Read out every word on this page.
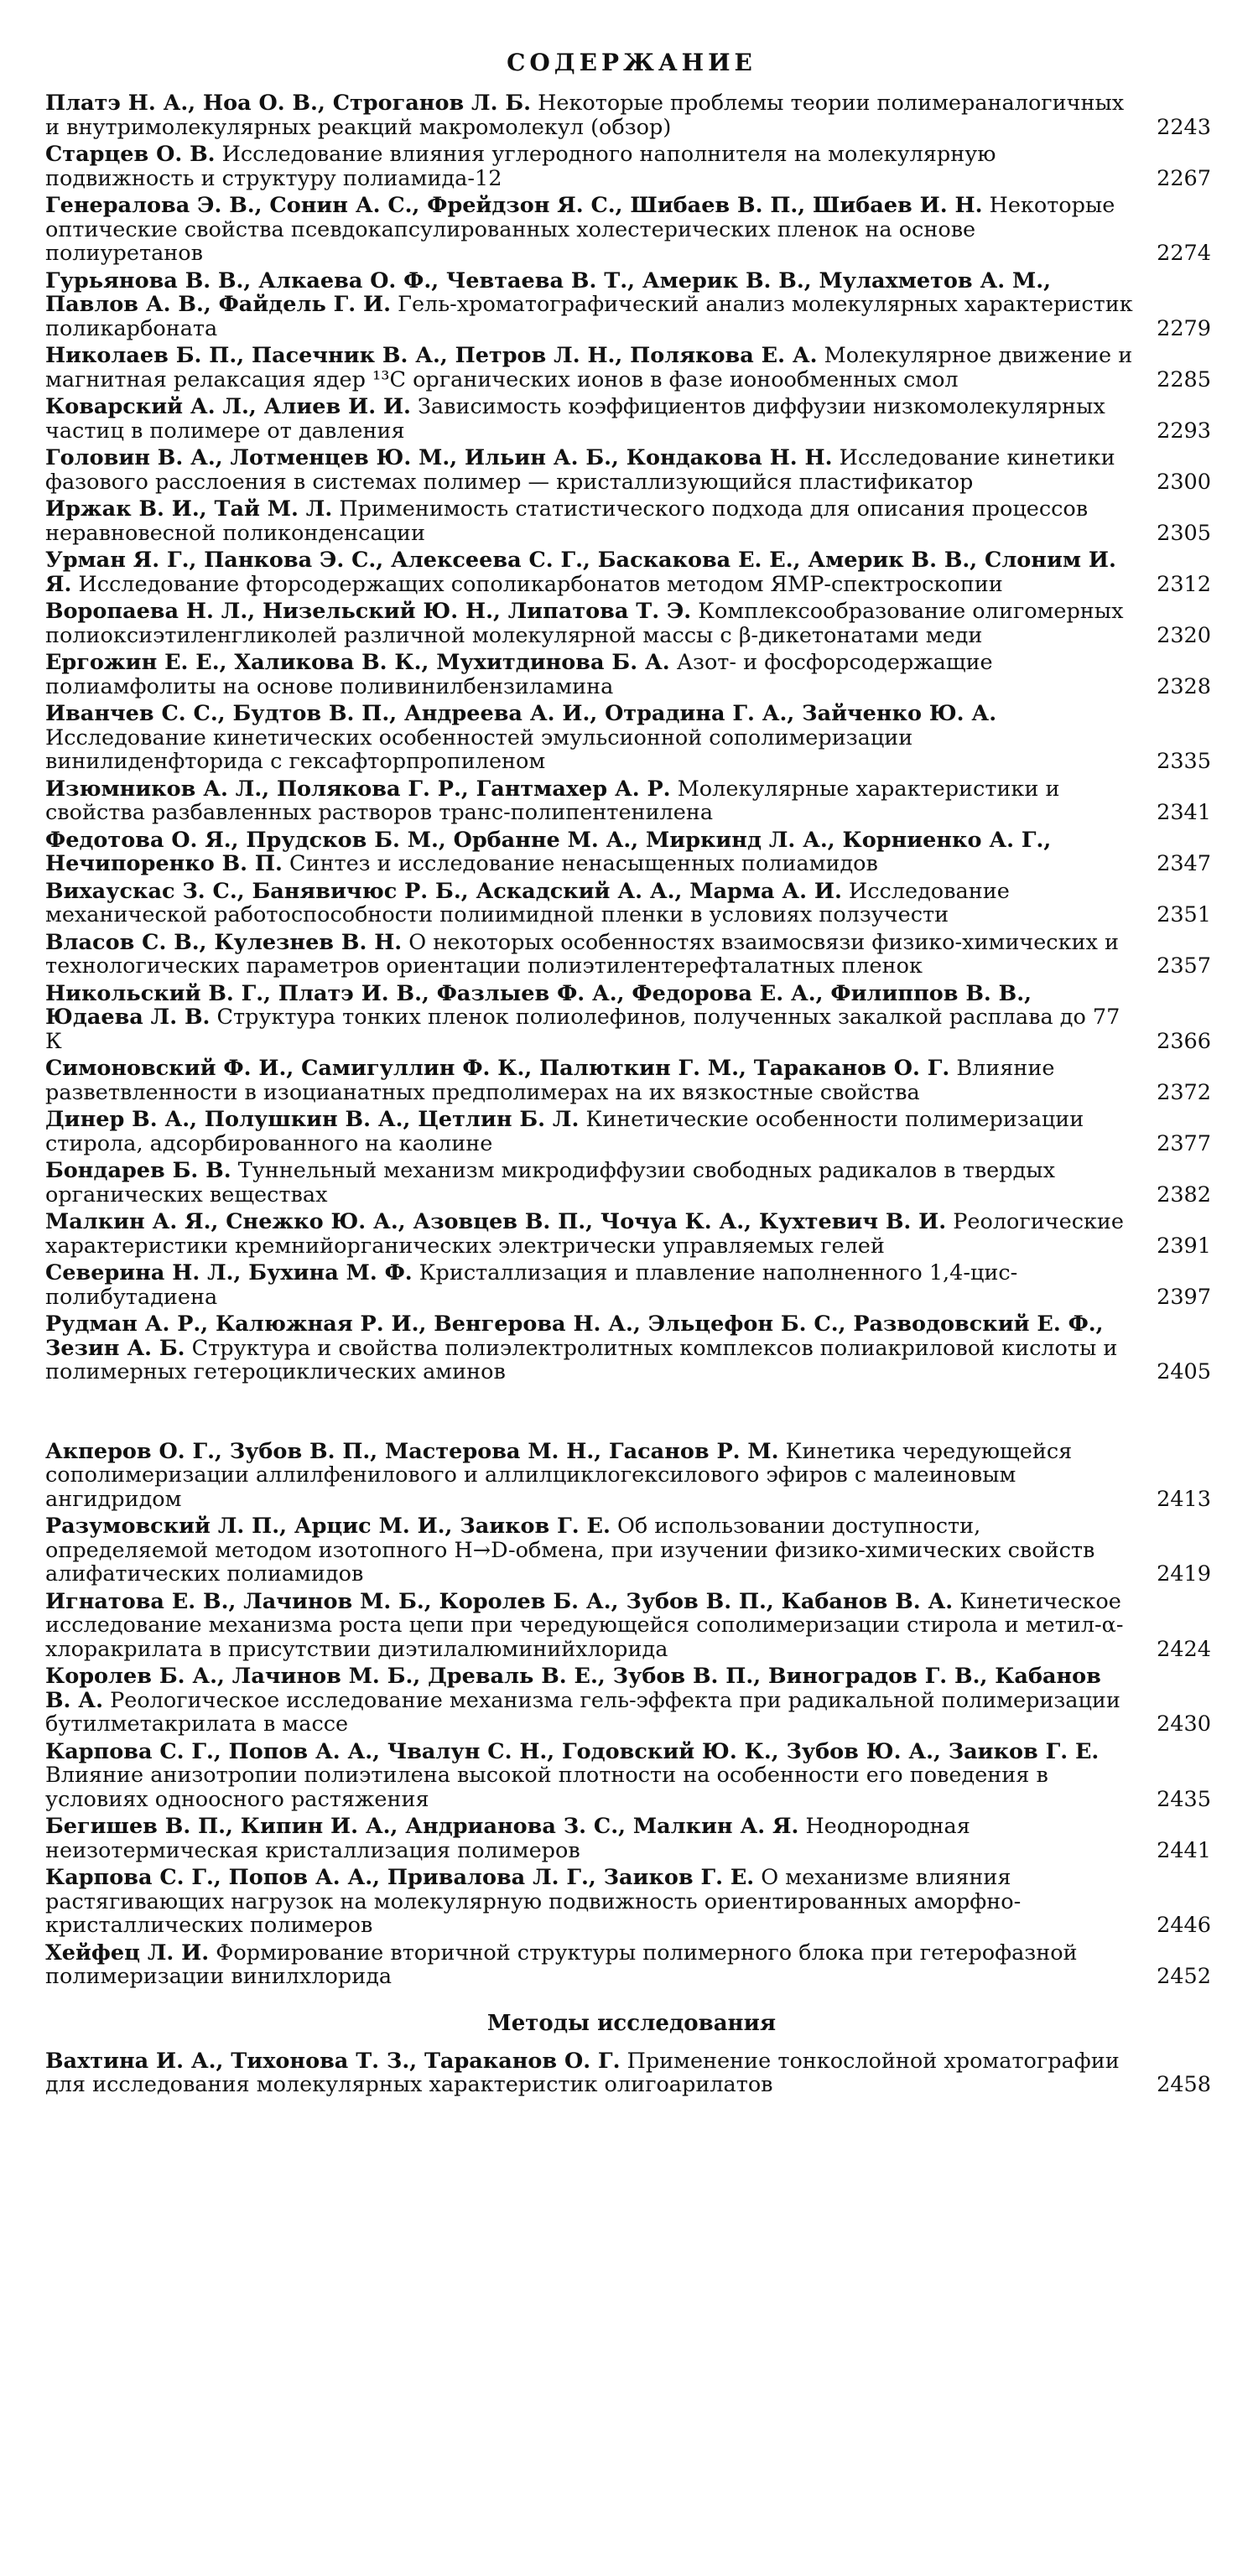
СОДЕРЖАНИЕ
Платэ Н. А., Ноа О. В., Строганов Л. Б. Некоторые проблемы теории полимераналогичных и внутримолекулярных реакций макромолекул (обзор)	2243
Старцев О. В. Исследование влияния углеродного наполнителя на молекулярную подвижность и структуру полиамида-12	2267
Генералова Э. В., Сонин А. С., Фрейдзон Я. С., Шибаев В. П., Шибаев И. Н. Некоторые оптические свойства псевдокапсулированных холестерических пленок на основе полиуретанов	2274
Гурьянова В. В., Алкаева О. Ф., Чевтаева В. Т., Америк В. В., Мулахметов А. М., Павлов А. В., Файдель Г. И. Гель-хроматографический анализ молекулярных характеристик поликарбоната	2279
Николаев Б. П., Пасечник В. А., Петров Л. Н., Полякова Е. А. Молекулярное движение и магнитная релаксация ядер ¹³C органических ионов в фазе ионообменных смол	2285
Коварский А. Л., Алиев И. И. Зависимость коэффициентов диффузии низкомолекулярных частиц в полимере от давления	2293
Головин В. А., Лотменцев Ю. М., Ильин А. Б., Кондакова Н. Н. Исследование кинетики фазового расслоения в системах полимер — кристаллизующийся пластификатор	2300
Иржак В. И., Тай М. Л. Применимость статистического подхода для описания процессов неравновесной поликонденсации	2305
Урман Я. Г., Панкова Э. С., Алексеева С. Г., Баскакова Е. Е., Америк В. В., Слоним И. Я. Исследование фторсодержащих сополикарбонатов методом ЯМР-спектроскопии	2312
Воропаева Н. Л., Низельский Ю. Н., Липатова Т. Э. Комплексообразование олигомерных полиоксиэтиленгликолей различной молекулярной массы с β-дикетонатами меди	2320
Ергожин Е. Е., Халикова В. К., Мухитдинова Б. А. Азот- и фосфорсодержащие полиамфолиты на основе поливинилбензиламина	2328
Иванчев С. С., Будтов В. П., Андреева А. И., Отрадина Г. А., Зайченко Ю. А. Исследование кинетических особенностей эмульсионной сополимеризации винилиденфторида с гексафторпропиленом	2335
Изюмников А. Л., Полякова Г. Р., Гантмахер А. Р. Молекулярные характеристики и свойства разбавленных растворов транс-полипентенилена	2341
Федотова О. Я., Прудсков Б. М., Орбанне М. А., Миркинд Л. А., Корниенко А. Г., Нечипоренко В. П. Синтез и исследование ненасыщенных полиамидов	2347
Вихаускас З. С., Банявичюс Р. Б., Аскадский А. А., Марма А. И. Исследование механической работоспособности полиимидной пленки в условиях ползучести	2351
Власов С. В., Кулезнев В. Н. О некоторых особенностях взаимосвязи физико-химических и технологических параметров ориентации полиэтилентерефталатных пленок	2357
Никольский В. Г., Платэ И. В., Фазлыев Ф. А., Федорова Е. А., Филиппов В. В., Юдаева Л. В. Структура тонких пленок полиолефинов, полученных закалкой расплава до 77 К	2366
Симоновский Ф. И., Самигуллин Ф. К., Палюткин Г. М., Тараканов О. Г. Влияние разветвленности в изоцианатных предполимерах на их вязкостные свойства	2372
Динер В. А., Полушкин В. А., Цетлин Б. Л. Кинетические особенности полимеризации стирола, адсорбированного на каолине	2377
Бондарев Б. В. Туннельный механизм микродиффузии свободных радикалов в твердых органических веществах	2382
Малкин А. Я., Снежко Ю. А., Азовцев В. П., Чочуа К. А., Кухтевич В. И. Реологические характеристики кремнийорганических электрически управляемых гелей	2391
Северина Н. Л., Бухина М. Ф. Кристаллизация и плавление наполненного 1,4-цис-полибутадиена	2397
Рудман А. Р., Калюжная Р. И., Венгерова Н. А., Эльцефон Б. С., Разводовский Е. Ф., Зезин А. Б. Структура и свойства полиэлектролитных комплексов полиакриловой кислоты и полимерных гетероциклических аминов	2405
Акперов О. Г., Зубов В. П., Мастерова М. Н., Гасанов Р. М. Кинетика чередующейся сополимеризации аллилфенилового и аллилциклогексилового эфиров с малеиновым ангидридом	2413
Разумовский Л. П., Арцис М. И., Заиков Г. Е. Об использовании доступности, определяемой методом изотопного H→D-обмена, при изучении физико-химических свойств алифатических полиамидов	2419
Игнатова Е. В., Лачинов М. Б., Королев Б. А., Зубов В. П., Кабанов В. А. Кинетическое исследование механизма роста цепи при чередующейся сополимеризации стирола и метил-α-хлоракрилата в присутствии диэтилалюминийхлорида	2424
Королев Б. А., Лачинов М. Б., Древаль В. Е., Зубов В. П., Виноградов Г. В., Кабанов В. А. Реологическое исследование механизма гель-эффекта при радикальной полимеризации бутилметакрилата в массе	2430
Карпова С. Г., Попов А. А., Чвалун С. Н., Годовский Ю. К., Зубов Ю. А., Заиков Г. Е. Влияние анизотропии полиэтилена высокой плотности на особенности его поведения в условиях одноосного растяжения	2435
Бегишев В. П., Кипин И. А., Андрианова З. С., Малкин А. Я. Неоднородная неизотермическая кристаллизация полимеров	2441
Карпова С. Г., Попов А. А., Привалова Л. Г., Заиков Г. Е. О механизме влияния растягивающих нагрузок на молекулярную подвижность ориентированных аморфно-кристаллических полимеров	2446
Хейфец Л. И. Формирование вторичной структуры полимерного блока при гетерофазной полимеризации винилхлорида	2452
Методы исследования
Вахтина И. А., Тихонова Т. З., Тараканов О. Г. Применение тонкослойной хроматографии для исследования молекулярных характеристик олигоарилатов	2458
